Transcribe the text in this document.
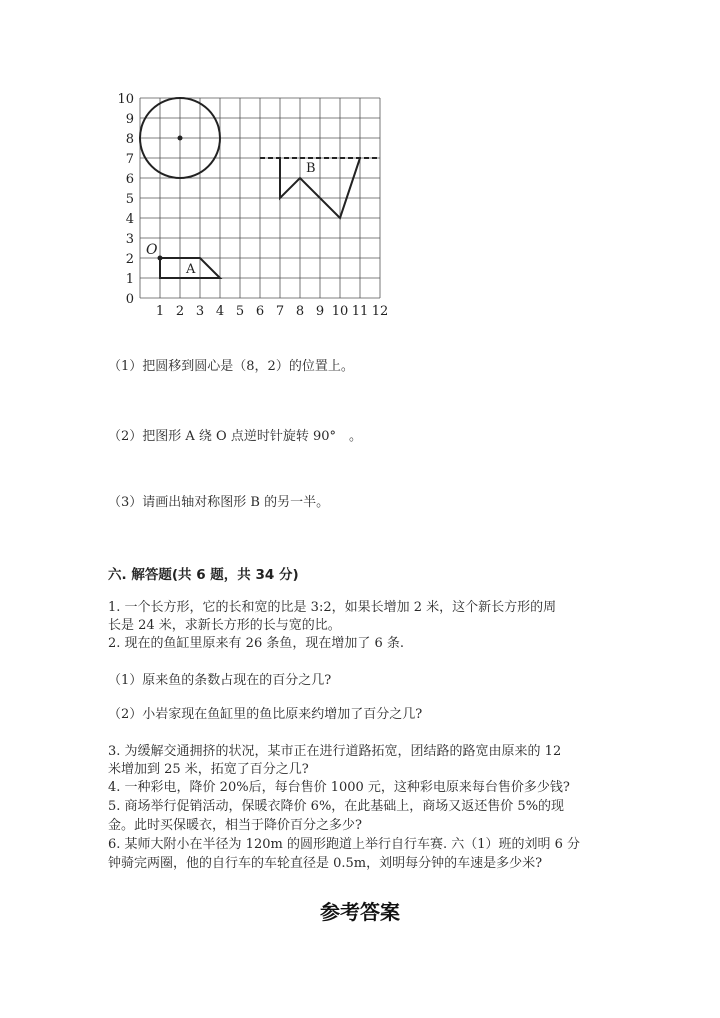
1 2 3 4 5 6 7 8 9 10 11 12
0
1
2
3
4
5
6
7
8
9
10
A
O
B
（1）把圆移到圆心是（8，2）的位置上。
（2）把图形 A 绕 O 点逆时针旋转 90°　。
（3）请画出轴对称图形 B 的另一半。
六. 解答题(共 6 题，共 34 分)
1. 一个长方形，它的长和宽的比是 3:2，如果长增加 2 米，这个新长方形的周
长是 24 米，求新长方形的长与宽的比。
2. 现在的鱼缸里原来有 26 条鱼，现在增加了 6 条.
（1）原来鱼的条数占现在的百分之几?
（2）小岩家现在鱼缸里的鱼比原来约增加了百分之几?
3. 为缓解交通拥挤的状况，某市正在进行道路拓宽，团结路的路宽由原来的 12
米增加到 25 米，拓宽了百分之几?
4. 一种彩电，降价 20%后，每台售价 1000 元，这种彩电原来每台售价多少钱?
5. 商场举行促销活动，保暖衣降价 6%，在此基础上，商场又返还售价 5%的现
金。此时买保暖衣，相当于降价百分之多少?
6. 某师大附小在半径为 120m 的圆形跑道上举行自行车赛. 六（1）班的刘明 6 分
钟骑完两圈，他的自行车的车轮直径是 0.5m，刘明每分钟的车速是多少米?
参考答案
